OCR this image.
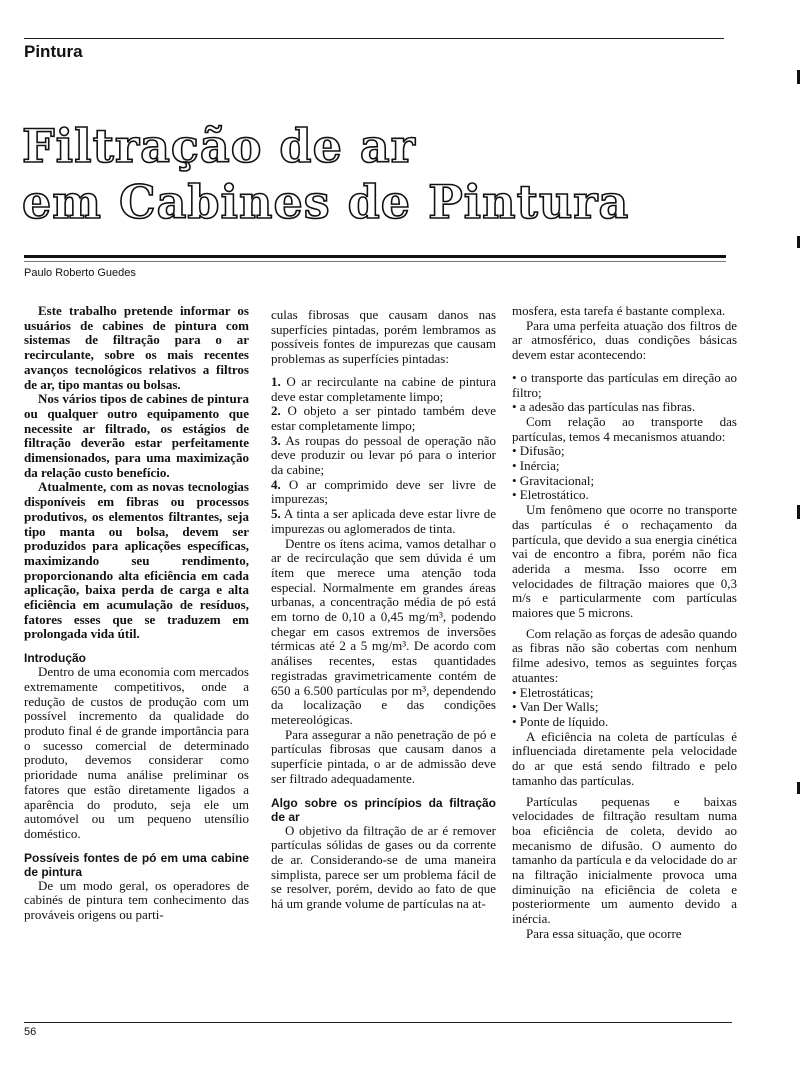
Pintura
Filtração de ar
em Cabines de Pintura
Paulo Roberto Guedes

Este trabalho pretende informar os usuários de cabines de pintura com sistemas de filtração para o ar recirculante, sobre os mais recentes avanços tecnológicos relativos a filtros de ar, tipo mantas ou bolsas.

Nos vários tipos de cabines de pintura ou qualquer outro equipamento que necessite ar filtrado, os estágios de filtração deverão estar perfeitamente dimensionados, para uma maximização da relação custo benefício.

Atualmente, com as novas tecnologias disponíveis em fibras ou processos produtivos, os elementos filtrantes, seja tipo manta ou bolsa, devem ser produzidos para aplicações específicas, maximizando seu rendimento, proporcionando alta eficiência em cada aplicação, baixa perda de carga e alta eficiência em acumulação de resíduos, fatores esses que se traduzem em prolongada vida útil.

Introdução

Dentro de uma economia com mercados extremamente competitivos, onde a redução de custos de produção com um possível incremento da qualidade do produto final é de grande importância para o sucesso comercial de determinado produto, devemos considerar como prioridade numa análise preliminar os fatores que estão diretamente ligados a aparência do produto, seja ele um automóvel ou um pequeno utensílio doméstico.

Possíveis fontes de pó em uma cabine de pintura

De um modo geral, os operadores de cabinés de pintura tem conhecimento das prováveis origens ou parti-

culas fibrosas que causam danos nas superfícies pintadas, porém lembramos as possíveis fontes de impurezas que causam problemas as superfícies pintadas:

1. O ar recirculante na cabine de pintura deve estar completamente limpo;

2. O objeto a ser pintado também deve estar completamente limpo;

3. As roupas do pessoal de operação não deve produzir ou levar pó para o interior da cabine;

4. O ar comprimido deve ser livre de impurezas;

5. A tinta a ser aplicada deve estar livre de impurezas ou aglomerados de tinta.

Dentre os ítens acima, vamos detalhar o ar de recirculação que sem dúvida é um ítem que merece uma atenção toda especial. Normalmente em grandes áreas urbanas, a concentração média de pó está em torno de 0,10 a 0,45 mg/m³, podendo chegar em casos extremos de inversões térmicas até 2 a 5 mg/m³. De acordo com análises recentes, estas quantidades registradas gravimetricamente contém de 650 a 6.500 partículas por m³, dependendo da localização e das condições metereológicas.

Para assegurar a não penetração de pó e partículas fibrosas que causam danos a superfície pintada, o ar de admissão deve ser filtrado adequadamente.

Algo sobre os princípios da filtração de ar

O objetivo da filtração de ar é remover partículas sólidas de gases ou da corrente de ar. Considerando-se de uma maneira simplista, parece ser um problema fácil de se resolver, porém, devido ao fato de que há um grande volume de partículas na at-

mosfera, esta tarefa é bastante complexa.

Para uma perfeita atuação dos filtros de ar atmosférico, duas condições básicas devem estar acontecendo:

• o transporte das partículas em direção ao filtro;

• a adesão das partículas nas fibras.

Com relação ao transporte das partículas, temos 4 mecanismos atuando:

• Difusão;

• Inércia;

• Gravitacional;

• Eletrostático.

Um fenômeno que ocorre no transporte das partículas é o rechaçamento da partícula, que devido a sua energia cinética vai de encontro a fibra, porém não fica aderida a mesma. Isso ocorre em velocidades de filtração maiores que 0,3 m/s e particularmente com partículas maiores que 5 microns.

Com relação as forças de adesão quando as fibras não são cobertas com nenhum filme adesivo, temos as seguintes forças atuantes:

• Eletrostáticas;

• Van Der Walls;

• Ponte de líquido.

A eficiência na coleta de partículas é influenciada diretamente pela velocidade do ar que está sendo filtrado e pelo tamanho das partículas.

Partículas pequenas e baixas velocidades de filtração resultam numa boa eficiência de coleta, devido ao mecanismo de difusão. O aumento do tamanho da partícula e da velocidade do ar na filtração inicialmente provoca uma diminuição na eficiência de coleta e posteriormente um aumento devido a inércia.

Para essa situação, que ocorre

56
